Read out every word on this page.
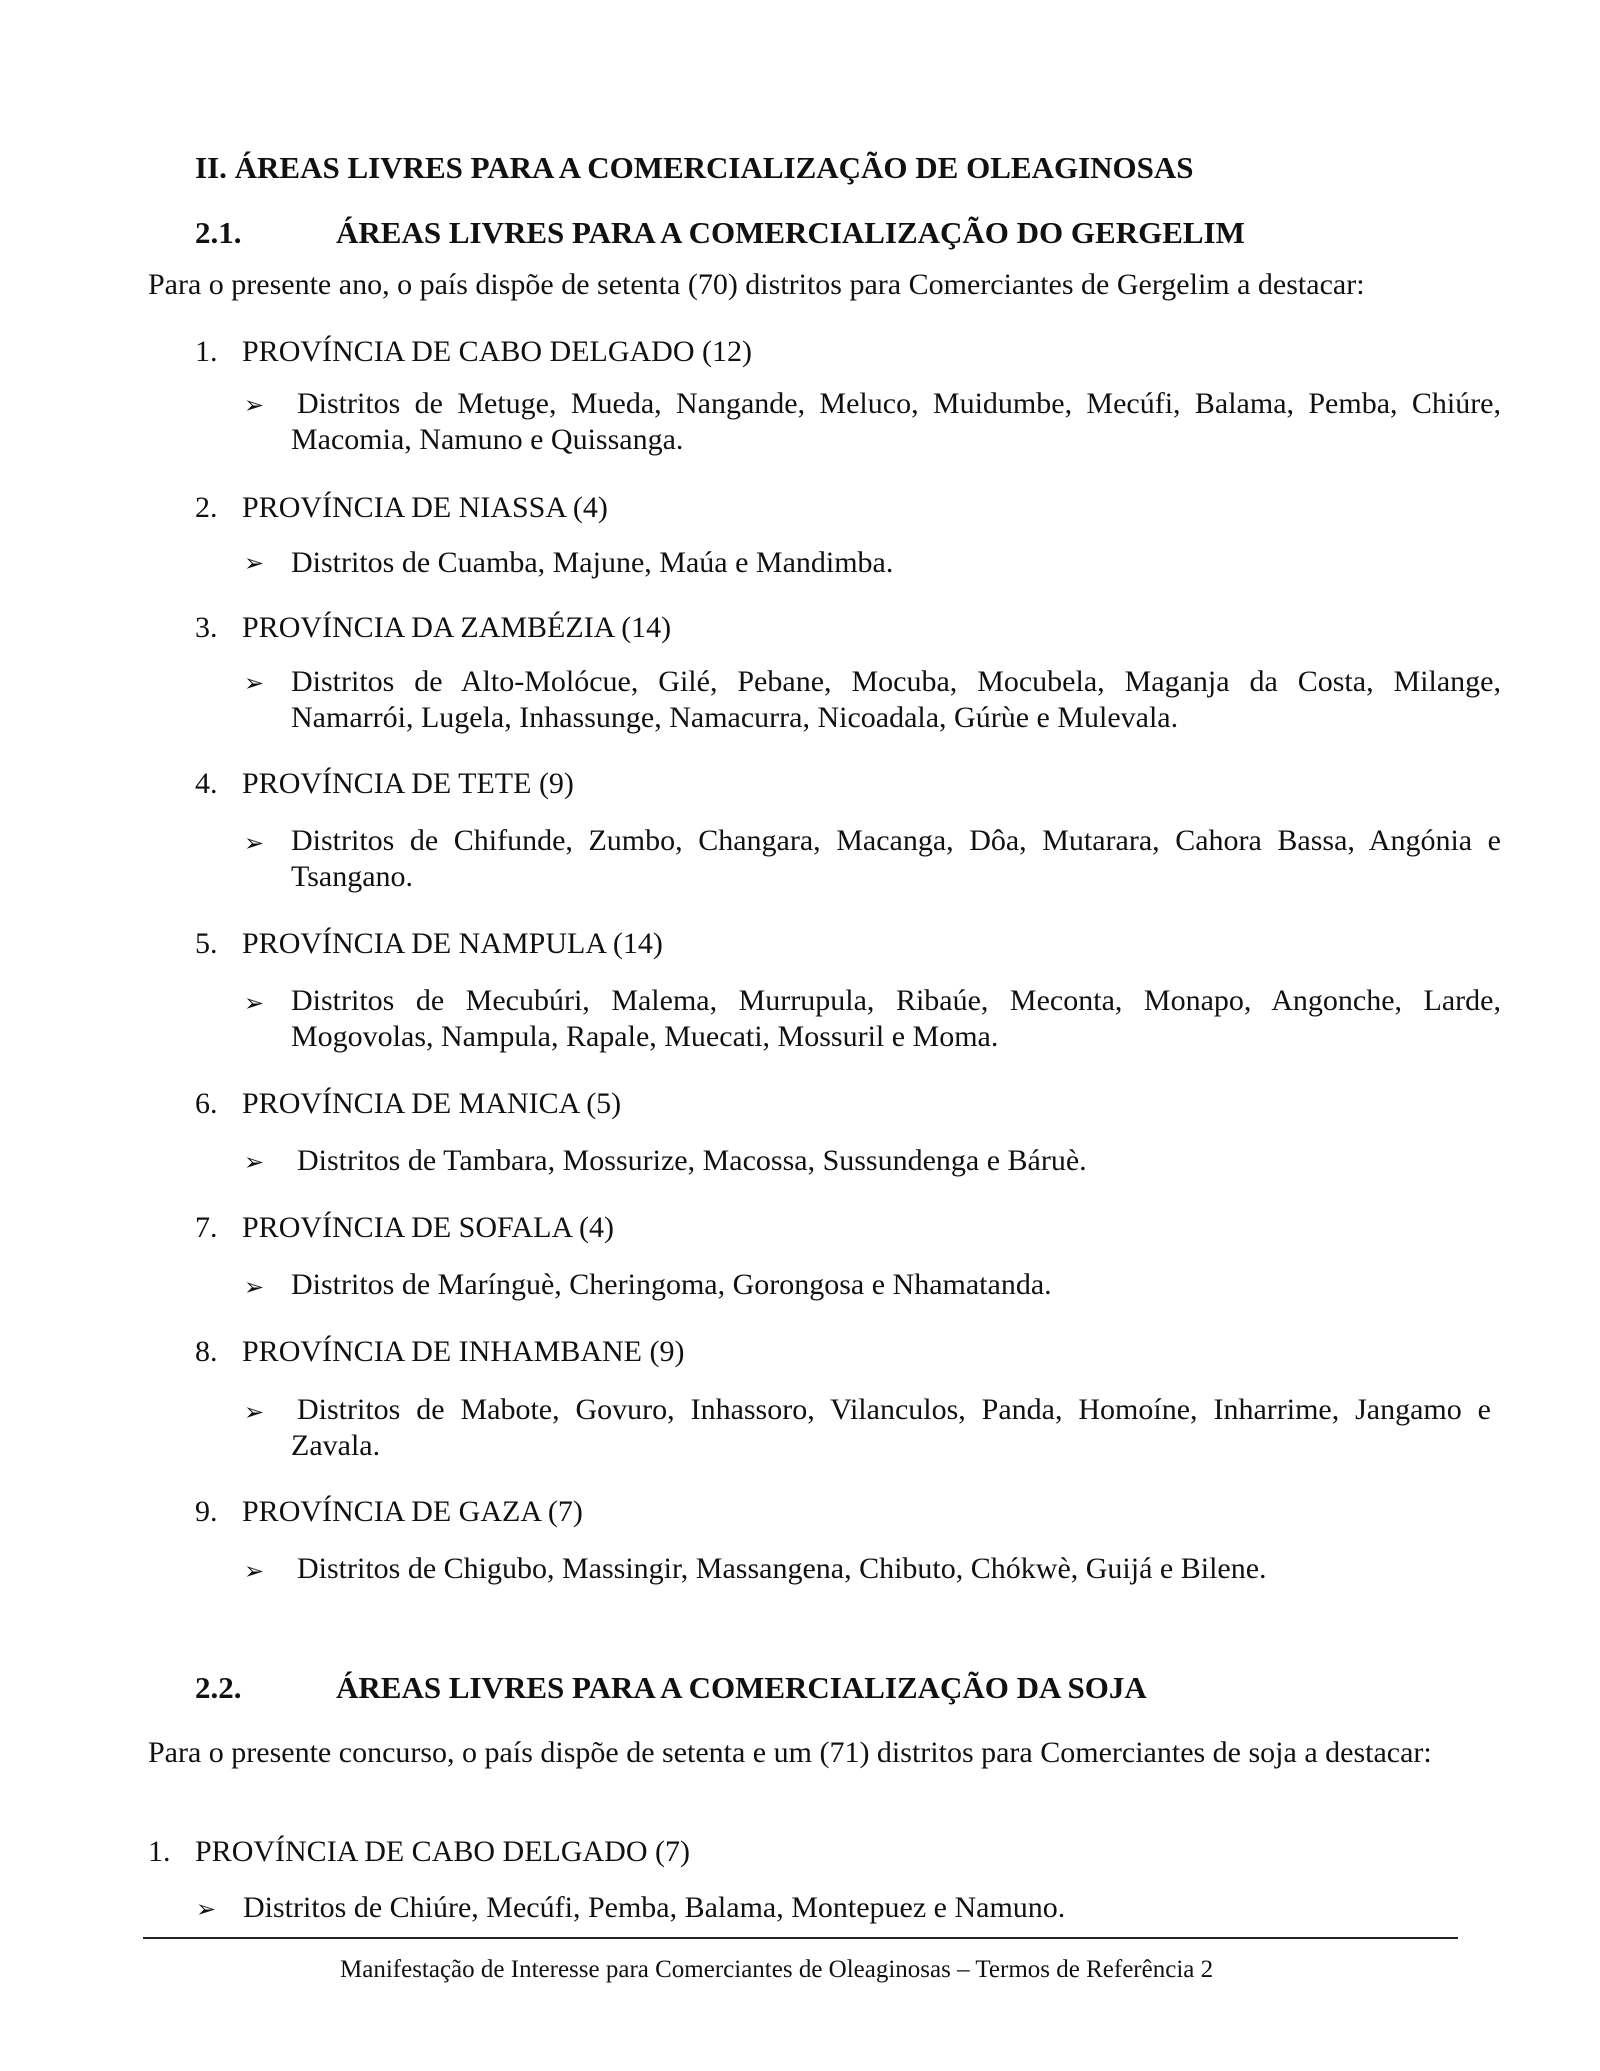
II. ÁREAS LIVRES PARA A COMERCIALIZAÇÃO DE OLEAGINOSAS
2.1.	ÁREAS LIVRES PARA A COMERCIALIZAÇÃO DO GERGELIM
Para o presente ano, o país dispõe de setenta (70) distritos para Comerciantes de Gergelim a destacar:
1. PROVÍNCIA DE CABO DELGADO (12)
➢ Distritos de Metuge, Mueda, Nangande, Meluco, Muidumbe, Mecúfi, Balama, Pemba, Chiúre, Macomia, Namuno e Quissanga.
2. PROVÍNCIA DE NIASSA (4)
➢ Distritos de Cuamba, Majune, Maúa e Mandimba.
3. PROVÍNCIA DA ZAMBÉZIA (14)
➢ Distritos de Alto-Molócue, Gilé, Pebane, Mocuba, Mocubela, Maganja da Costa, Milange, Namarrói, Lugela, Inhassunge, Namacurra, Nicoadala, Gúrùe e Mulevala.
4. PROVÍNCIA DE TETE (9)
➢ Distritos de Chifunde, Zumbo, Changara, Macanga, Dôa, Mutarara, Cahora Bassa, Angónia e Tsangano.
5. PROVÍNCIA DE NAMPULA (14)
➢ Distritos de Mecubúri, Malema, Murrupula, Ribaúe, Meconta, Monapo, Angonche, Larde, Mogovolas, Nampula, Rapale, Muecati, Mossuril e Moma.
6. PROVÍNCIA DE MANICA (5)
➢ Distritos de Tambara, Mossurize, Macossa, Sussundenga e Báruè.
7. PROVÍNCIA DE SOFALA (4)
➢ Distritos de Marínguè, Cheringoma, Gorongosa e Nhamatanda.
8. PROVÍNCIA DE INHAMBANE (9)
➢ Distritos de Mabote, Govuro, Inhassoro, Vilanculos, Panda, Homoíne, Inharrime, Jangamo e Zavala.
9. PROVÍNCIA DE GAZA (7)
➢ Distritos de Chigubo, Massingir, Massangena, Chibuto, Chókwè, Guijá e Bilene.
2.2.	ÁREAS LIVRES PARA A COMERCIALIZAÇÃO DA SOJA
Para o presente concurso, o país dispõe de setenta e um (71) distritos para Comerciantes de soja a destacar:
1. PROVÍNCIA DE CABO DELGADO (7)
➢ Distritos de Chiúre, Mecúfi, Pemba, Balama, Montepuez e Namuno.
Manifestação de Interesse para Comerciantes de Oleaginosas – Termos de Referência 2
